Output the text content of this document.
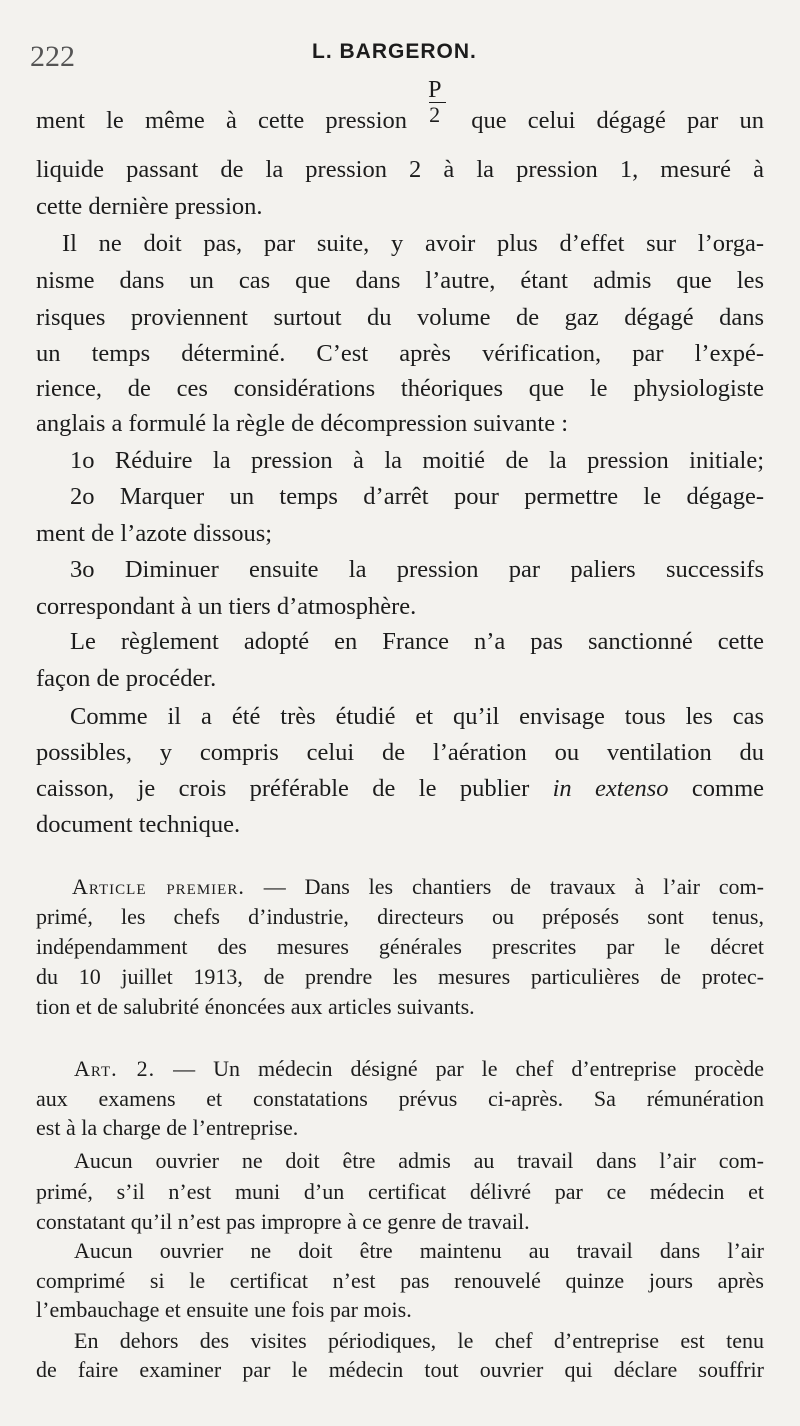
222	L. BARGERON.
ment le même à cette pression $\frac{P}{2}$ que celui dégagé par un
liquide passant de la pression 2 à la pression 1, mesuré à
cette dernière pression.
Il ne doit pas, par suite, y avoir plus d’effet sur l’orga-
nisme dans un cas que dans l’autre, étant admis que les
risques proviennent surtout du volume de gaz dégagé dans
un temps déterminé. C’est après vérification, par l’expé-
rience, de ces considérations théoriques que le physiologiste
anglais a formulé la règle de décompression suivante :
1o Réduire la pression à la moitié de la pression initiale;
2o Marquer un temps d’arrêt pour permettre le dégage-
ment de l’azote dissous;
3o Diminuer ensuite la pression par paliers successifs
correspondant à un tiers d’atmosphère.
Le règlement adopté en France n’a pas sanctionné cette
façon de procéder.
Comme il a été très étudié et qu’il envisage tous les cas
possibles, y compris celui de l’aération ou ventilation du
caisson, je crois préférable de le publier in extenso comme
document technique.
Article premier. — Dans les chantiers de travaux à l’air com-
primé, les chefs d’industrie, directeurs ou préposés sont tenus,
indépendamment des mesures générales prescrites par le décret
du 10 juillet 1913, de prendre les mesures particulières de protec-
tion et de salubrité énoncées aux articles suivants.
Art. 2. — Un médecin désigné par le chef d’entreprise procède
aux examens et constatations prévus ci-après. Sa rémunération
est à la charge de l’entreprise.
Aucun ouvrier ne doit être admis au travail dans l’air com-
primé, s’il n’est muni d’un certificat délivré par ce médecin et
constatant qu’il n’est pas impropre à ce genre de travail.
Aucun ouvrier ne doit être maintenu au travail dans l’air
comprimé si le certificat n’est pas renouvelé quinze jours après
l’embauchage et ensuite une fois par mois.
En dehors des visites périodiques, le chef d’entreprise est tenu
de faire examiner par le médecin tout ouvrier qui déclare souffrir
